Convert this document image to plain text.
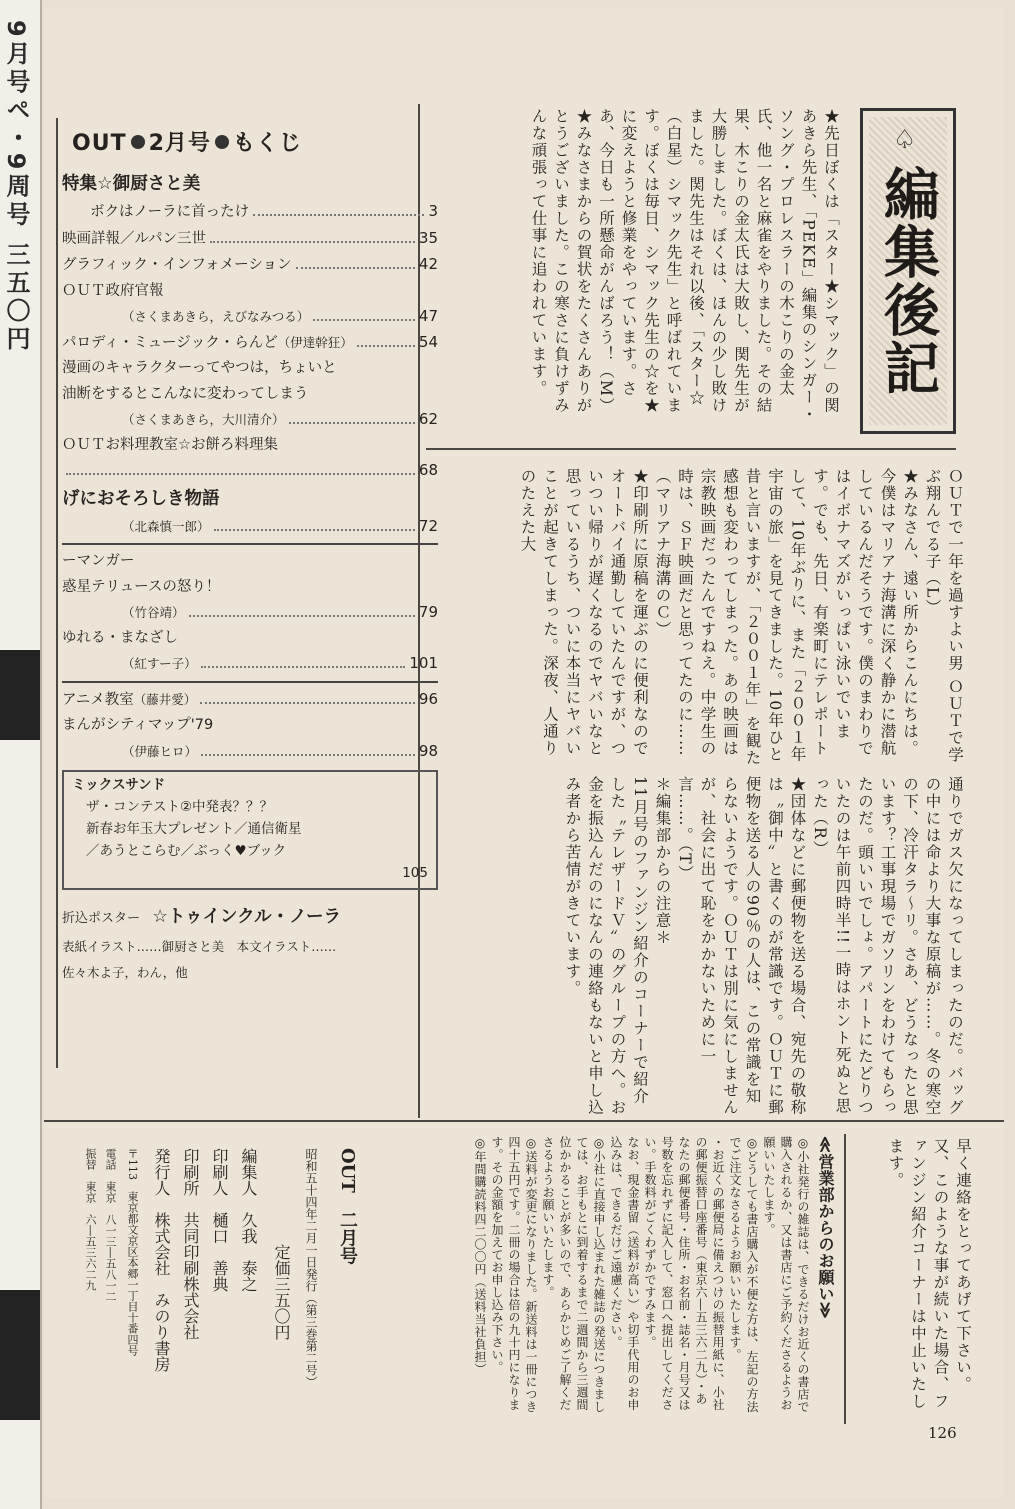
9月号ペ・9周号 三五〇円	♤
編集後記

★先日ぼくは「スター★シマック」の関あきら先生、「PEKE」編集のシンガー・ソング・プロレスラーの木こりの金太氏、他一名と麻雀をやりました。その結果、木こりの金太氏は大敗し、関先生が大勝しました。ぼくは、ほんの少し敗けました。関先生はそれ以後、「スター☆（白星）シマック先生」と呼ばれています。ぼくは毎日、シマック先生の☆を★に変えようと修業をやっています。さあ、今日も一所懸命がんばろう！（M）

★みなさまからの賀状をたくさんありがとうございました。この寒さに負けずみんな頑張って仕事に追われています。

ＯＵＴで一年を過すよい男 ＯＵＴで学ぶ翔んでる子（L）

★みなさん、遠い所からこんにちは。今僕はマリアナ海溝に深く静かに潜航しているんだそうです。僕のまわりではイボナマズがいっぱい泳いでいます。でも、先日、有楽町にテレポートして、10年ぶりに、また「２００１年宇宙の旅」を見てきました。10年ひと昔と言いますが、「２００１年」を観た感想も変わってしまった。あの映画は宗教映画だったんですねえ。中学生の時は、ＳＦ映画だと思ってたのに……（マリアナ海溝のＣ）

★印刷所に原稿を運ぶのに便利なのでオートバイ通勤していたんですが、ついつい帰りが遅くなるのでヤバいなと思っているうち、ついに本当にヤバいことが起きてしまった。深夜、人通りのたえた大

通りでガス欠になってしまったのだ。バッグの中には命より大事な原稿が……。冬の寒空の下、冷汗タラ〜リ。さあ、どうなったと思います？工事現場でガソリンをわけてもらったのだ。頭いいでしょ。アパートにたどりついたのは午前四時半!!一時はホント死ぬと思った（R）

★団体などに郵便物を送る場合、宛先の敬称は〝御中〟と書くのが常識です。ＯＵＴに郵便物を送る人の90％の人は、この常識を知らないようです。ＯＵＴは別に気にしませんが、社会に出て恥をかかないために一言……。（T）

＊編集部からの注意＊

11月号のファンジン紹介のコーナーで紹介した〝テレザードＶ〟のグループの方へ。お金を振込んだのになんの連絡もないと申し込み者から苦情がきています。

早く連絡をとってあげて下さい。又、このような事が続いた場合、ファンジン紹介コーナーは中止いたします。

≪営業部からのお願い≫

◎小社発行の雑誌は、できるだけお近くの書店で購入されるか、又は書店にご予約くださるようお願いいたします。

◎どうしても書店購入が不便な方は、左記の方法でご注文なさるようお願いいたします。

・お近くの郵便局に備えつけの振替用紙に、小社の郵便振替口座番号（東京六―五三六二九）・あなたの郵便番号・住所・お名前・誌名・月号又は号数を忘れずに記入して、窓口へ提出してください。手数料がごくわずかですみます。

なお、現金書留（送料が高い）や切手代用のお申込みは、できるだけご遠慮ください。

◎小社に直接申し込まれた雑誌の発送につきましては、お手もとに到着するまで二週間から三週間位かかることが多いので、あらかじめご了解くださるようお願いいたします。

◎送料が変更になりました。新送料は一冊につき四十五円です。二冊の場合は倍の九十円になります。その金額を加えてお申し込み下さい。

◎年間購読料四二〇〇円（送料当社負担）

OUT 2月号 もくじ
特集☆御厨さと美
ボクはノーラに首ったけ	3
映画詳報／ルパン三世	35
グラフィック・インフォメーション	42
ＯＵＴ政府官報
（さくまあきら，えびなみつる）	47
パロディ・ミュージック・らんど （伊達幹狂）	54
漫画のキャラクターってやつは，ちょいと
油断をするとこんなに変わってしまう
（さくまあきら，大川清介）	62
ＯＵＴお料理教室☆お餅ろ料理集
68
げにおそろしき物語
（北森慎一郎）	72
ーマンガー
惑星テリュースの怒り！
（竹谷靖）	79
ゆれる・まなざし
（紅すー子）	101
アニメ教室 （藤井愛）	96
まんがシティマップ'79
（伊藤ヒロ）	98
ミックスサンド
ザ・コンテスト②中発表？？？
新春お年玉大プレゼント／通信衛星
／あうとこらむ／ぶっく♥ブック
105
折込ポスター
☆トゥインクル・ノーラ
表紙イラスト……御厨さと美　本文イラスト……
佐々木よ子，わん，他
OUT　二月号
昭和五十四年二月一日発行（第三巻第二号）
定価三五〇円
編集人　久我　泰之
印刷人　樋口　善典
印刷所　共同印刷株式会社
発行人　株式会社　みのり書房
〒113　東京都文京区本郷一丁目十番四号
電話　東京　八一三―五八一二
振替　東京　六―五三六二九
126
